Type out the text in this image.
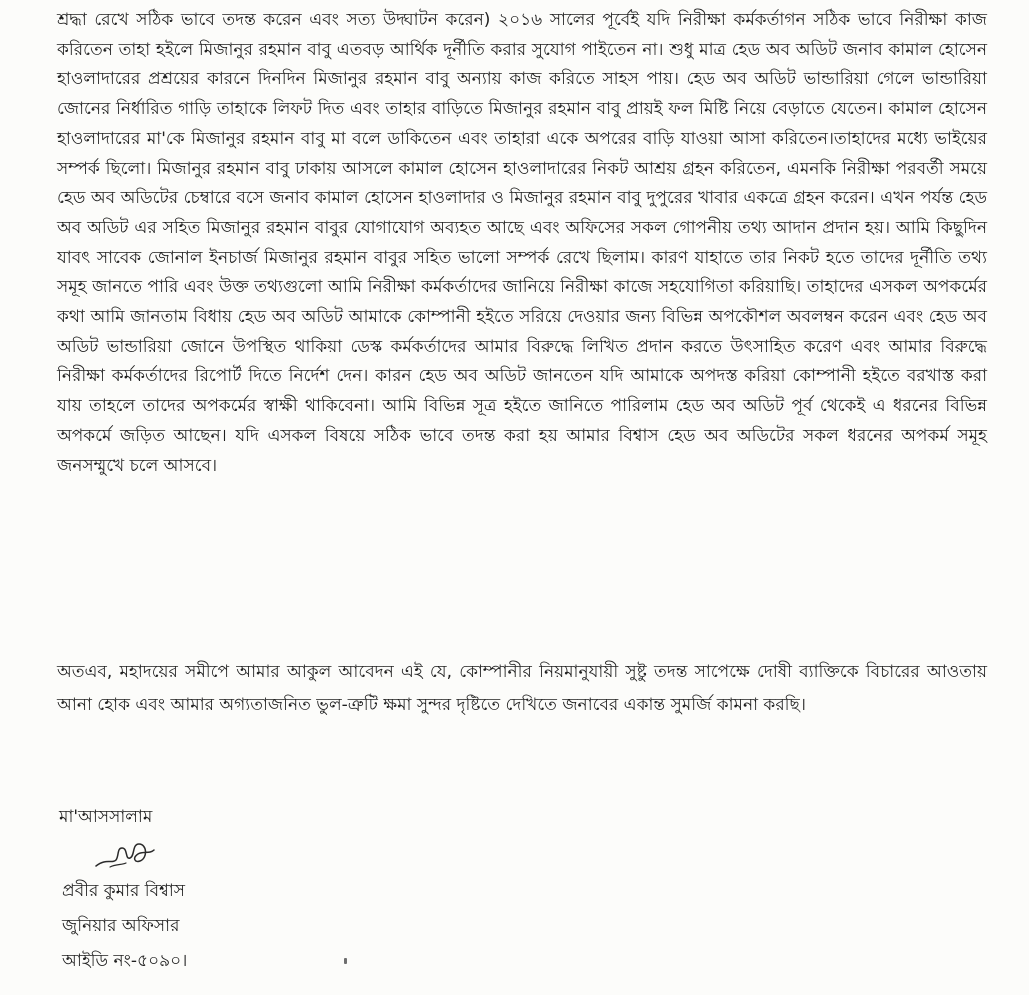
শ্রদ্ধা রেখে সঠিক ভাবে তদন্ত করেন এবং সত্য উদ্ঘাটন করেন) ২০১৬ সালের পূর্বেই যদি নিরীক্ষা কর্মকর্তাগন সঠিক ভাবে নিরীক্ষা কাজ করিতেন তাহা হইলে মিজানুর রহমান বাবু এতবড় আর্থিক দূর্নীতি করার সুযোগ পাইতেন না। শুধু মাত্র হেড অব অডিট জনাব কামাল হোসেন হাওলাদারের প্রশ্রয়ের কারনে দিনদিন মিজানুর রহমান বাবু অন্যায় কাজ করিতে সাহস পায়। হেড অব অডিট ভান্ডারিয়া গেলে ভান্ডারিয়া জোনের নির্ধারিত গাড়ি তাহাকে লিফট দিত এবং তাহার বাড়িতে মিজানুর রহমান বাবু প্রায়ই ফল মিষ্টি নিয়ে বেড়াতে যেতেন। কামাল হোসেন হাওলাদারের মা'কে মিজানুর রহমান বাবু মা বলে ডাকিতেন এবং তাহারা একে অপরের বাড়ি যাওয়া আসা করিতেন।তাহাদের মধ্যে ভাইয়ের সম্পর্ক ছিলো। মিজানুর রহমান বাবু ঢাকায় আসলে কামাল হোসেন হাওলাদারের নিকট আশ্রয় গ্রহন করিতেন, এমনকি নিরীক্ষা পরবর্তী সময়ে হেড অব অডিটের চেম্বারে বসে জনাব কামাল হোসেন হাওলাদার ও মিজানুর রহমান বাবু দুপুরের খাবার একত্রে গ্রহন করেন। এখন পর্যন্ত হেড অব অডিট এর সহিত মিজানুর রহমান বাবুর যোগাযোগ অব্যহত আছে এবং অফিসের সকল গোপনীয় তথ্য আদান প্রদান হয়। আমি কিছুদিন যাবৎ সাবেক জোনাল ইনচার্জ মিজানুর রহমান বাবুর সহিত ভালো সম্পর্ক রেখে ছিলাম। কারণ যাহাতে তার নিকট হতে তাদের দূর্নীতি তথ্য সমূহ জানতে পারি এবং উক্ত তথ্যগুলো আমি নিরীক্ষা কর্মকর্তাদের জানিয়ে নিরীক্ষা কাজে সহযোগিতা করিয়াছি। তাহাদের এসকল অপকর্মের কথা আমি জানতাম বিধায় হেড অব অডিট আমাকে কোম্পানী হইতে সরিয়ে দেওয়ার জন্য বিভিন্ন অপকৌশল অবলম্বন করেন এবং হেড অব অডিট ভান্ডারিয়া জোনে উপস্থিত থাকিয়া ডেস্ক কর্মকর্তাদের আমার বিরুদ্ধে লিখিত প্রদান করতে উৎসাহিত করেণ এবং আমার বিরুদ্ধে নিরীক্ষা কর্মকর্তাদের রিপোর্ট দিতে নির্দেশ দেন। কারন হেড অব অডিট জানতেন যদি আমাকে অপদস্ত করিয়া কোম্পানী হইতে বরখাস্ত করা যায় তাহলে তাদের অপকর্মের স্বাক্ষী থাকিবেনা। আমি বিভিন্ন সূত্র হইতে জানিতে পারিলাম হেড অব অডিট পূর্ব থেকেই এ ধরনের বিভিন্ন অপকর্মে জড়িত আছেন। যদি এসকল বিষয়ে সঠিক ভাবে তদন্ত করা হয় আমার বিশ্বাস হেড অব অডিটের সকল ধরনের অপকর্ম সমূহ জনসম্মুখে চলে আসবে।

অতএব, মহাদয়ের সমীপে আমার আকুল আবেদন এই যে, কোম্পানীর নিয়মানুযায়ী সুষ্টু তদন্ত সাপেক্ষে দোষী ব্যাক্তিকে বিচারের আওতায় আনা হোক এবং আমার অগ্যতাজনিত ভুল-ত্রুটি ক্ষমা সুন্দর দৃষ্টিতে দেখিতে জনাবের একান্ত সুমর্জি কামনা করছি।

মা'আসসালাম

প্রবীর কুমার বিশ্বাস
জুনিয়ার অফিসার
আইডি নং-৫০৯০।
